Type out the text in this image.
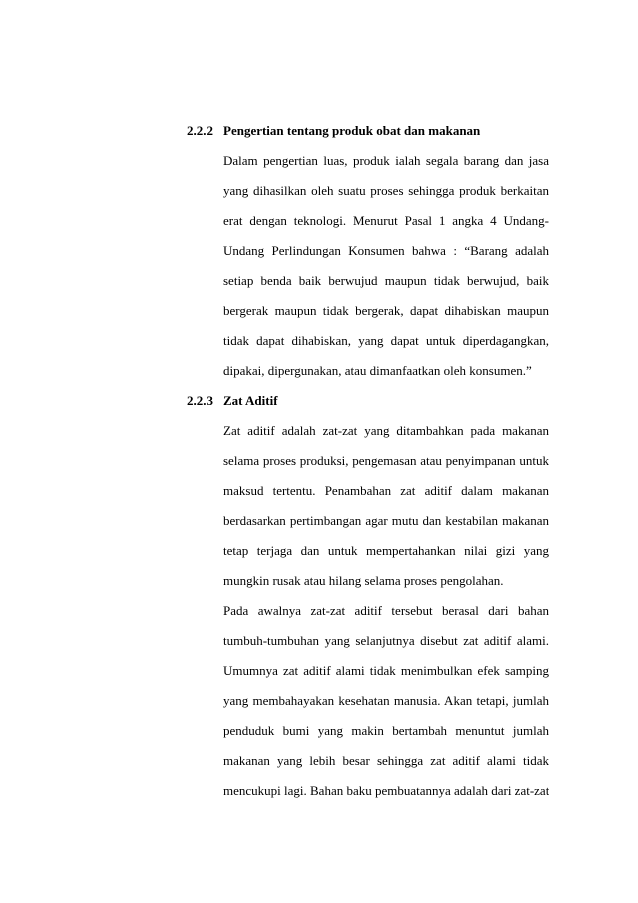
2.2.2 Pengertian tentang produk obat dan makanan
Dalam pengertian luas, produk ialah segala barang dan jasa
yang dihasilkan oleh suatu proses sehingga produk berkaitan
erat dengan teknologi. Menurut Pasal 1 angka 4 Undang-
Undang Perlindungan Konsumen bahwa : “Barang adalah
setiap benda baik berwujud maupun tidak berwujud, baik
bergerak maupun tidak bergerak, dapat dihabiskan maupun
tidak dapat dihabiskan, yang dapat untuk diperdagangkan,
dipakai, dipergunakan, atau dimanfaatkan oleh konsumen.”
2.2.3 Zat Aditif
Zat aditif adalah zat-zat yang ditambahkan pada makanan
selama proses produksi, pengemasan atau penyimpanan untuk
maksud tertentu. Penambahan zat aditif dalam makanan
berdasarkan pertimbangan agar mutu dan kestabilan makanan
tetap terjaga dan untuk mempertahankan nilai gizi yang
mungkin rusak atau hilang selama proses pengolahan.
Pada awalnya zat-zat aditif tersebut berasal dari bahan
tumbuh-tumbuhan yang selanjutnya disebut zat aditif alami.
Umumnya zat aditif alami tidak menimbulkan efek samping
yang membahayakan kesehatan manusia. Akan tetapi, jumlah
penduduk bumi yang makin bertambah menuntut jumlah
makanan yang lebih besar sehingga zat aditif alami tidak
mencukupi lagi. Bahan baku pembuatannya adalah dari zat-zat
